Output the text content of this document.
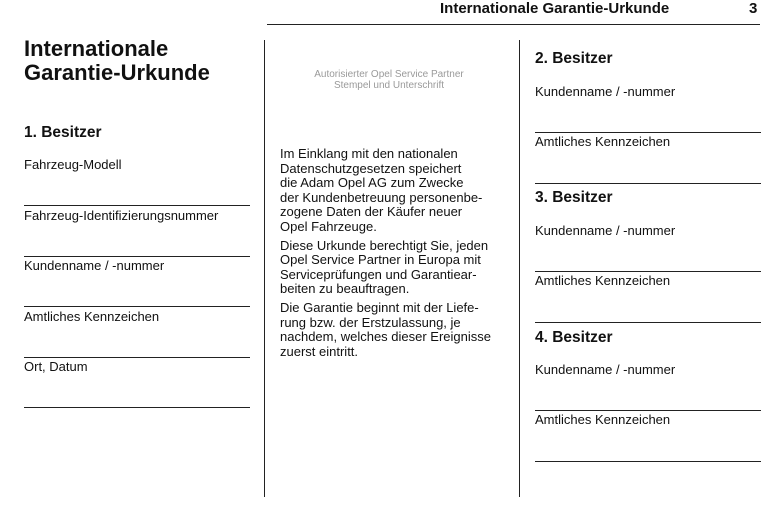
Internationale Garantie-Urkunde	3
Internationale
Garantie-Urkunde
1. Besitzer
Fahrzeug-Modell
Fahrzeug-Identifizierungsnummer
Kundenname / -nummer
Amtliches Kennzeichen
Ort, Datum
Autorisierter Opel Service Partner
Stempel und Unterschrift

Im Einklang mit den nationalen
Datenschutzgesetzen speichert
die Adam Opel AG zum Zwecke
der Kundenbetreuung personenbe-
zogene Daten der Käufer neuer
Opel Fahrzeuge.

Diese Urkunde berechtigt Sie, jeden
Opel Service Partner in Europa mit
Serviceprüfungen und Garantiear-
beiten zu beauftragen.

Die Garantie beginnt mit der Liefe-
rung bzw. der Erstzulassung, je
nachdem, welches dieser Ereignisse
zuerst eintritt.

2. Besitzer
Kundenname / -nummer
Amtliches Kennzeichen
3. Besitzer
Kundenname / -nummer
Amtliches Kennzeichen
4. Besitzer
Kundenname / -nummer
Amtliches Kennzeichen
